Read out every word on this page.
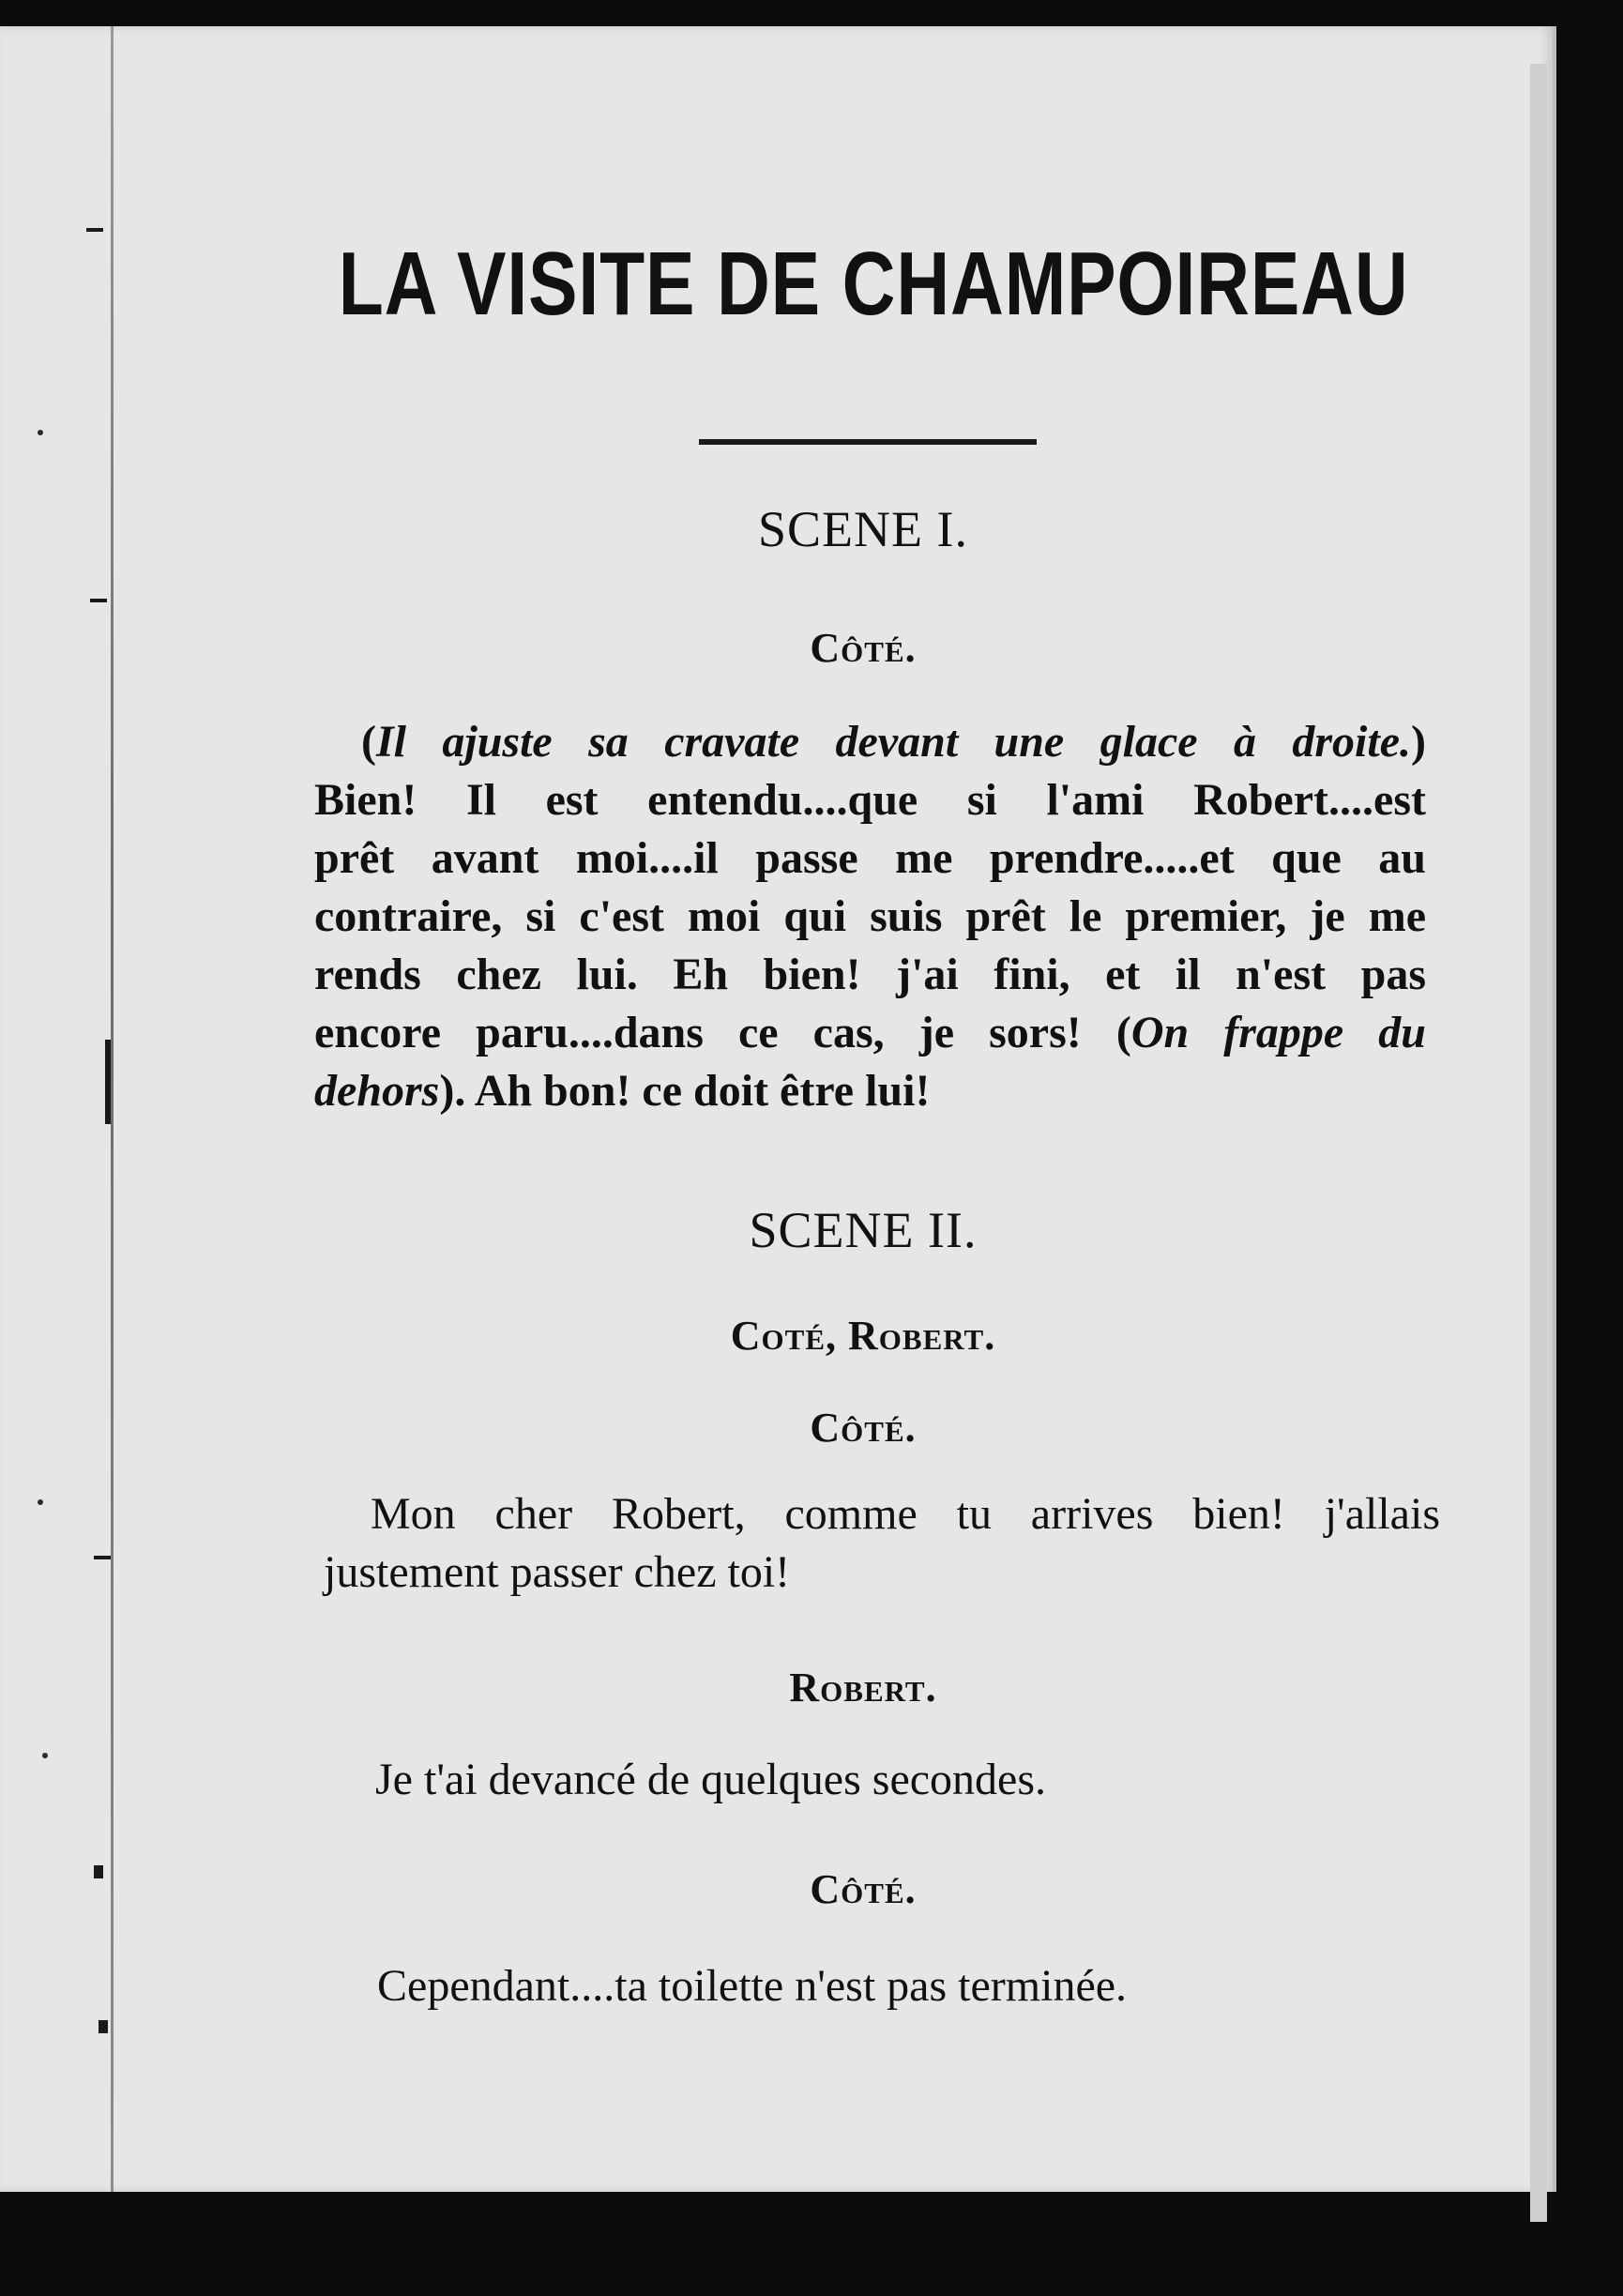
LA VISITE DE CHAMPOIREAU
SCENE I.
Côté.
(Il ajuste sa cravate devant une glace à droite.)
Bien! Il est entendu....que si l'ami Robert....est
prêt avant moi....il passe me prendre.....et que au
contraire, si c'est moi qui suis prêt le premier, je me
rends chez lui. Eh bien! j'ai fini, et il n'est pas
encore paru....dans ce cas, je sors! (On frappe du
dehors). Ah bon! ce doit être lui!
SCENE II.
Coté, Robert.
Côté.
Mon cher Robert, comme tu arrives bien! j'allais
justement passer chez toi!
Robert.
Je t'ai devancé de quelques secondes.
Côté.
Cependant....ta toilette n'est pas terminée.
